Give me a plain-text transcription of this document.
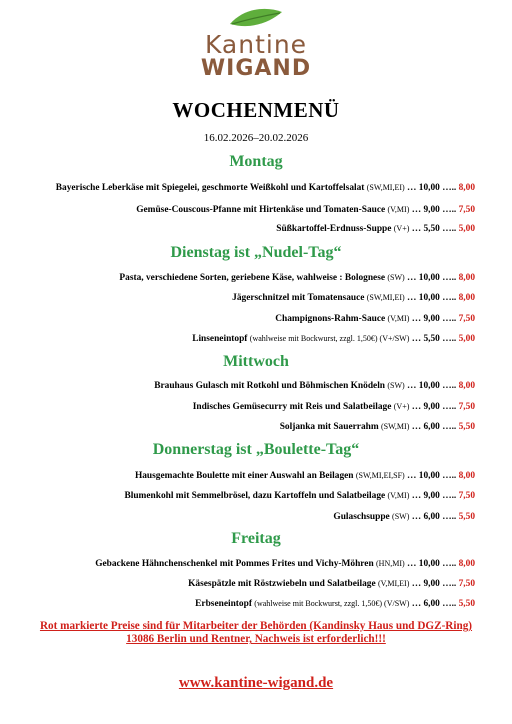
Kantine
WIGAND
WOCHENMENÜ
16.02.2026–20.02.2026
Montag
Bayerische Leberkäse mit Spiegelei, geschmorte Weißkohl und Kartoffelsalat (SW,MI,EI) … 10,00 ….. 8,00
Gemüse-Couscous-Pfanne mit Hirtenkäse und Tomaten-Sauce (V,MI) … 9,00 ….. 7,50
Süßkartoffel-Erdnuss-Suppe (V+) … 5,50 ….. 5,00
Dienstag ist „Nudel-Tag“
Pasta, verschiedene Sorten, geriebene Käse, wahlweise : Bolognese (SW) … 10,00 ….. 8,00
Jägerschnitzel mit Tomatensauce (SW,MI,EI) … 10,00 ….. 8,00
Champignons-Rahm-Sauce (V,MI) … 9,00 ….. 7,50
Linseneintopf (wahlweise mit Bockwurst, zzgl. 1,50€) (V+/SW) … 5,50 ….. 5,00
Mittwoch
Brauhaus Gulasch mit Rotkohl und Böhmischen Knödeln (SW) … 10,00 ….. 8,00
Indisches Gemüsecurry mit Reis und Salatbeilage (V+) … 9,00 ….. 7,50
Soljanka mit Sauerrahm (SW,MI) … 6,00 ….. 5,50
Donnerstag ist „Boulette-Tag“
Hausgemachte Boulette mit einer Auswahl an Beilagen (SW,MI,EI,SF) … 10,00 ….. 8,00
Blumenkohl mit Semmelbrösel, dazu Kartoffeln und Salatbeilage (V,MI) … 9,00 ….. 7,50
Gulaschsuppe (SW) … 6,00 ….. 5,50
Freitag
Gebackene Hähnchenschenkel mit Pommes Frites und Vichy-Möhren (HN,MI) … 10,00 ….. 8,00
Käsespätzle mit Röstzwiebeln und Salatbeilage (V,MI,EI) … 9,00 ….. 7,50
Erbseneintopf (wahlweise mit Bockwurst, zzgl. 1,50€) (V/SW) … 6,00 ….. 5,50
Rot markierte Preise sind für Mitarbeiter der Behörden (Kandinsky Haus und DGZ-Ring)
13086 Berlin und Rentner, Nachweis ist erforderlich!!!
www.kantine-wigand.de
